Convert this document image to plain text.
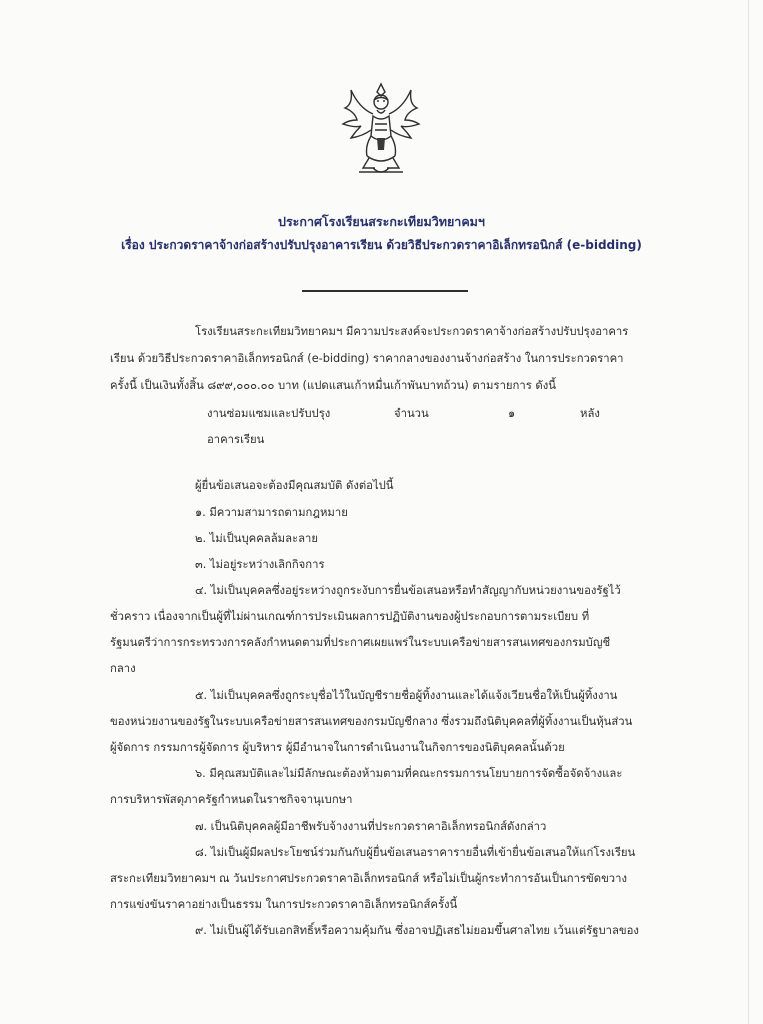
ประกาศโรงเรียนสระกะเทียมวิทยาคมฯ
เรื่อง ประกวดราคาจ้างก่อสร้างปรับปรุงอาคารเรียน ด้วยวิธีประกวดราคาอิเล็กทรอนิกส์ (e-bidding)
โรงเรียนสระกะเทียมวิทยาคมฯ มีความประสงค์จะประกวดราคาจ้างก่อสร้างปรับปรุงอาคาร
เรียน ด้วยวิธีประกวดราคาอิเล็กทรอนิกส์ (e-bidding) ราคากลางของงานจ้างก่อสร้าง ในการประกวดราคา
ครั้งนี้ เป็นเงินทั้งสิ้น ๘๙๙,๐๐๐.๐๐ บาท (แปดแสนเก้าหมื่นเก้าพันบาทถ้วน) ตามรายการ ดังนี้
งานซ่อมแซมและปรับปรุง	จำนวน	๑	หลัง
อาคารเรียน
ผู้ยื่นข้อเสนอจะต้องมีคุณสมบัติ ดังต่อไปนี้
๑. มีความสามารถตามกฎหมาย
๒. ไม่เป็นบุคคลล้มละลาย
๓. ไม่อยู่ระหว่างเลิกกิจการ
๔. ไม่เป็นบุคคลซึ่งอยู่ระหว่างถูกระงับการยื่นข้อเสนอหรือทำสัญญากับหน่วยงานของรัฐไว้
ชั่วคราว เนื่องจากเป็นผู้ที่ไม่ผ่านเกณฑ์การประเมินผลการปฏิบัติงานของผู้ประกอบการตามระเบียบ ที่
รัฐมนตรีว่าการกระทรวงการคลังกำหนดตามที่ประกาศเผยแพร่ในระบบเครือข่ายสารสนเทศของกรมบัญชี
กลาง
๕. ไม่เป็นบุคคลซึ่งถูกระบุชื่อไว้ในบัญชีรายชื่อผู้ทิ้งงานและได้แจ้งเวียนชื่อให้เป็นผู้ทิ้งงาน
ของหน่วยงานของรัฐในระบบเครือข่ายสารสนเทศของกรมบัญชีกลาง ซึ่งรวมถึงนิติบุคคลที่ผู้ทิ้งงานเป็นหุ้นส่วน
ผู้จัดการ กรรมการผู้จัดการ ผู้บริหาร ผู้มีอำนาจในการดำเนินงานในกิจการของนิติบุคคลนั้นด้วย
๖. มีคุณสมบัติและไม่มีลักษณะต้องห้ามตามที่คณะกรรมการนโยบายการจัดซื้อจัดจ้างและ
การบริหารพัสดุภาครัฐกำหนดในราชกิจจานุเบกษา
๗. เป็นนิติบุคคลผู้มีอาชีพรับจ้างงานที่ประกวดราคาอิเล็กทรอนิกส์ดังกล่าว
๘. ไม่เป็นผู้มีผลประโยชน์ร่วมกันกับผู้ยื่นข้อเสนอราคารายอื่นที่เข้ายื่นข้อเสนอให้แก่โรงเรียน
สระกะเทียมวิทยาคมฯ ณ วันประกาศประกวดราคาอิเล็กทรอนิกส์ หรือไม่เป็นผู้กระทำการอันเป็นการขัดขวาง
การแข่งขันราคาอย่างเป็นธรรม ในการประกวดราคาอิเล็กทรอนิกส์ครั้งนี้
๙. ไม่เป็นผู้ได้รับเอกสิทธิ์หรือความคุ้มกัน ซึ่งอาจปฏิเสธไม่ยอมขึ้นศาลไทย เว้นแต่รัฐบาลของ
